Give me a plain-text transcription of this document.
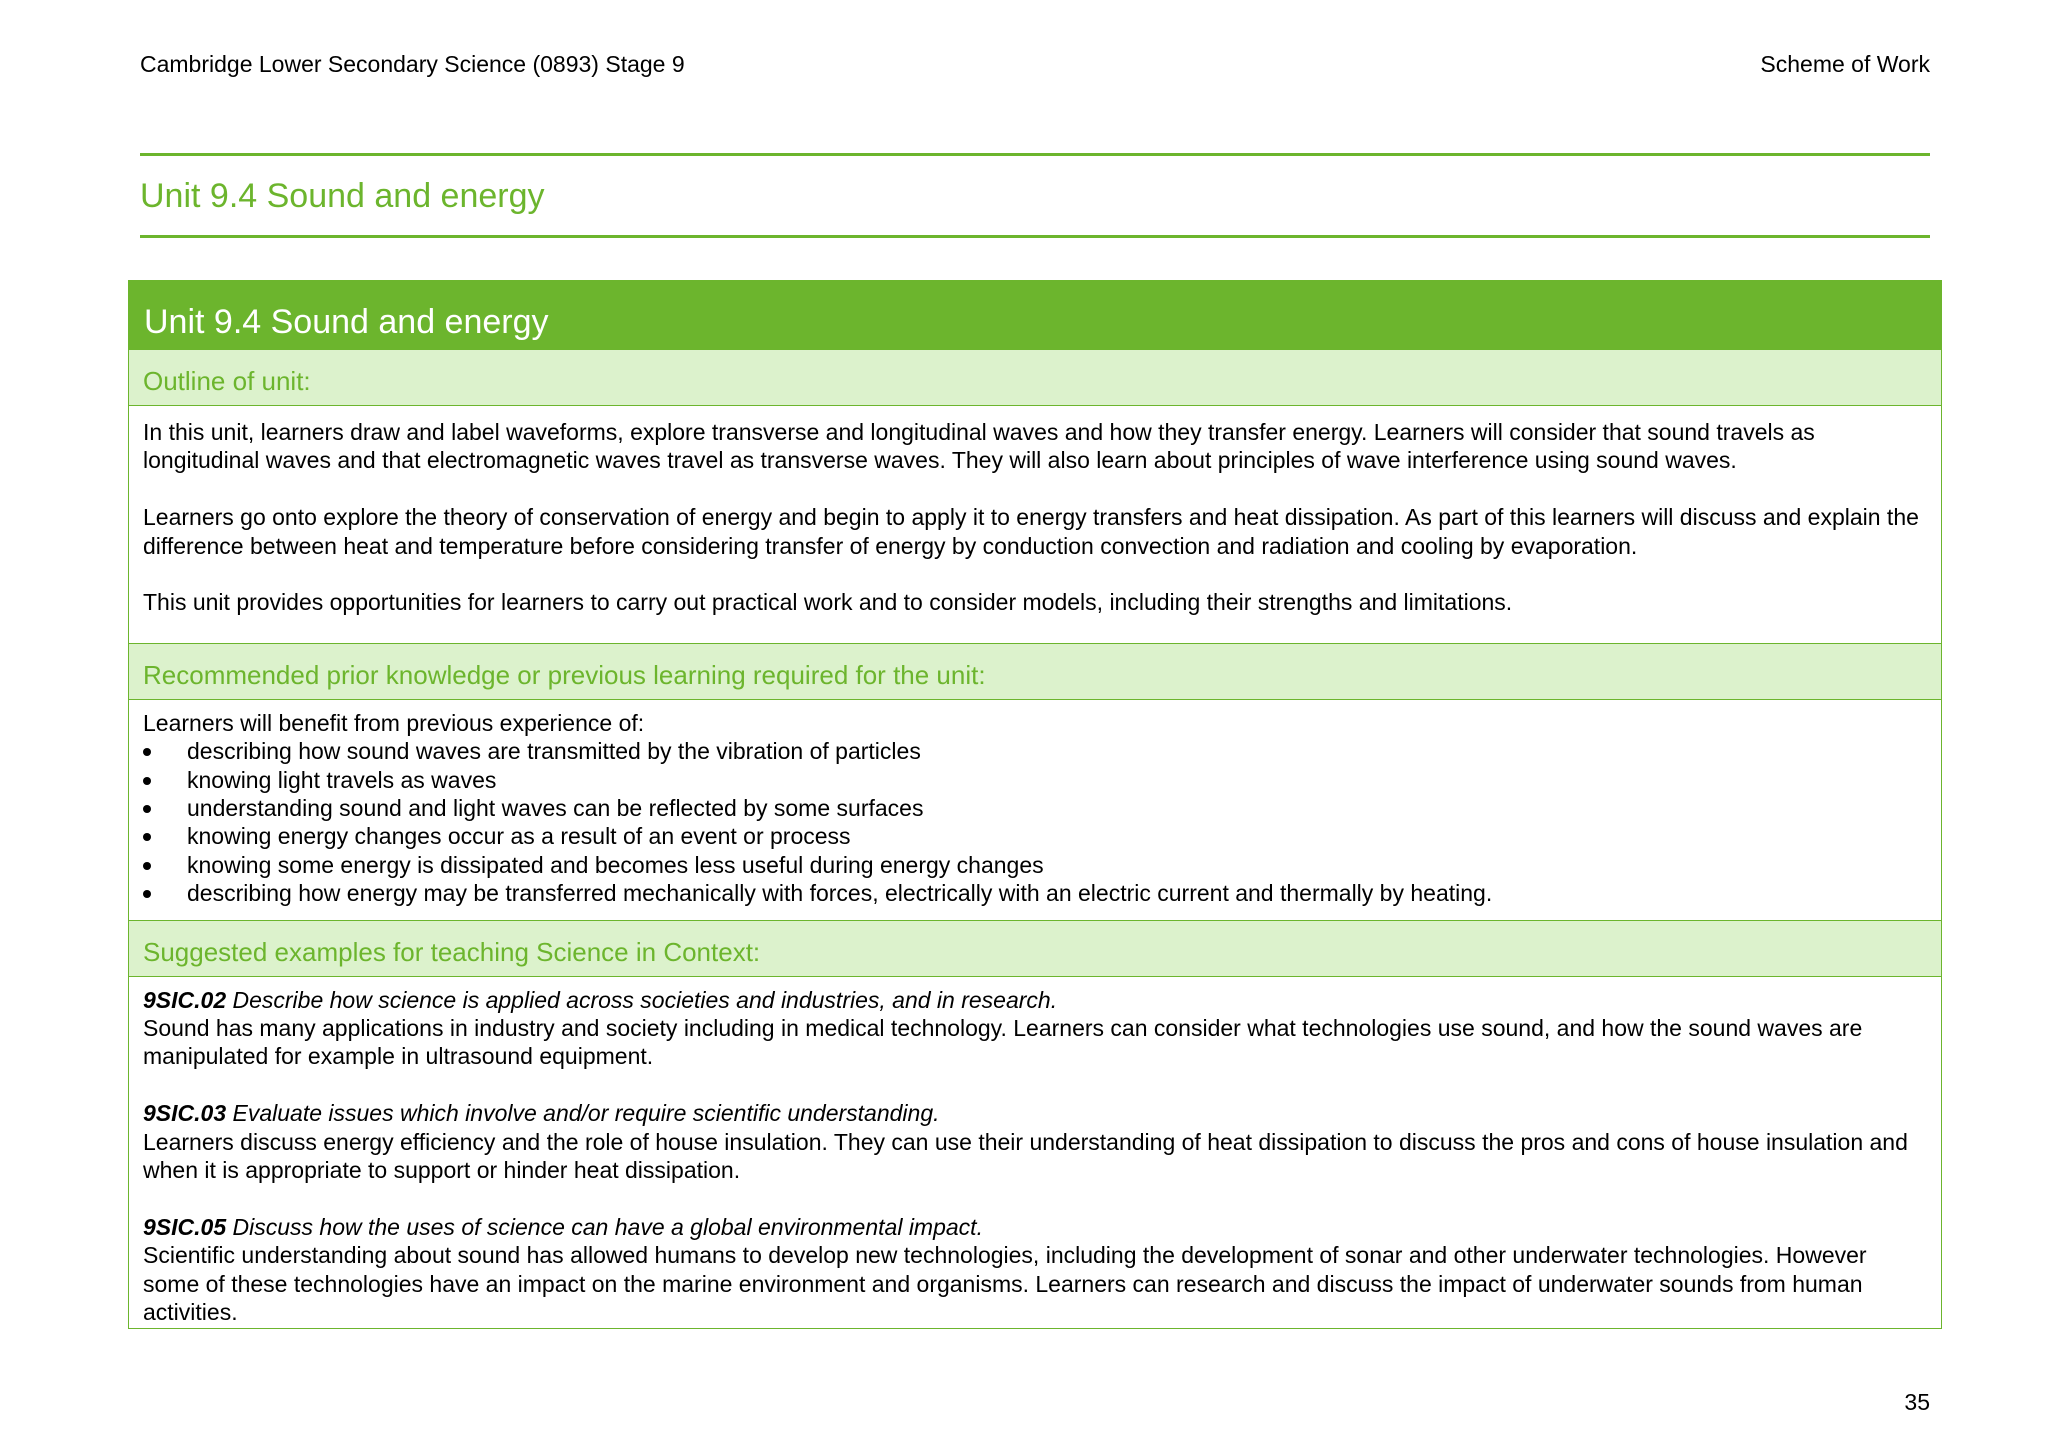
Cambridge Lower Secondary Science (0893) Stage 9	Scheme of Work

Unit 9.4 Sound and energy
Unit 9.4 Sound and energy
Outline of unit:

In this unit, learners draw and label waveforms, explore transverse and longitudinal waves and how they transfer energy. Learners will consider that sound travels as longitudinal waves and that electromagnetic waves travel as transverse waves. They will also learn about principles of wave interference using sound waves.

Learners go onto explore the theory of conservation of energy and begin to apply it to energy transfers and heat dissipation. As part of this learners will discuss and explain the difference between heat and temperature before considering transfer of energy by conduction convection and radiation and cooling by evaporation.

This unit provides opportunities for learners to carry out practical work and to consider models, including their strengths and limitations.

Recommended prior knowledge or previous learning required for the unit:

Learners will benefit from previous experience of:

describing how sound waves are transmitted by the vibration of particles
knowing light travels as waves
understanding sound and light waves can be reflected by some surfaces
knowing energy changes occur as a result of an event or process
knowing some energy is dissipated and becomes less useful during energy changes
describing how energy may be transferred mechanically with forces, electrically with an electric current and thermally by heating.
Suggested examples for teaching Science in Context:
9SIC.02 Describe how science is applied across societies and industries, and in research.
Sound has many applications in industry and society including in medical technology. Learners can consider what technologies use sound, and how the sound waves are manipulated for example in ultrasound equipment.
9SIC.03 Evaluate issues which involve and/or require scientific understanding.
Learners discuss energy efficiency and the role of house insulation. They can use their understanding of heat dissipation to discuss the pros and cons of house insulation and when it is appropriate to support or hinder heat dissipation.
9SIC.05 Discuss how the uses of science can have a global environmental impact.
Scientific understanding about sound has allowed humans to develop new technologies, including the development of sonar and other underwater technologies. However some of these technologies have an impact on the marine environment and organisms. Learners can research and discuss the impact of underwater sounds from human activities.

35
